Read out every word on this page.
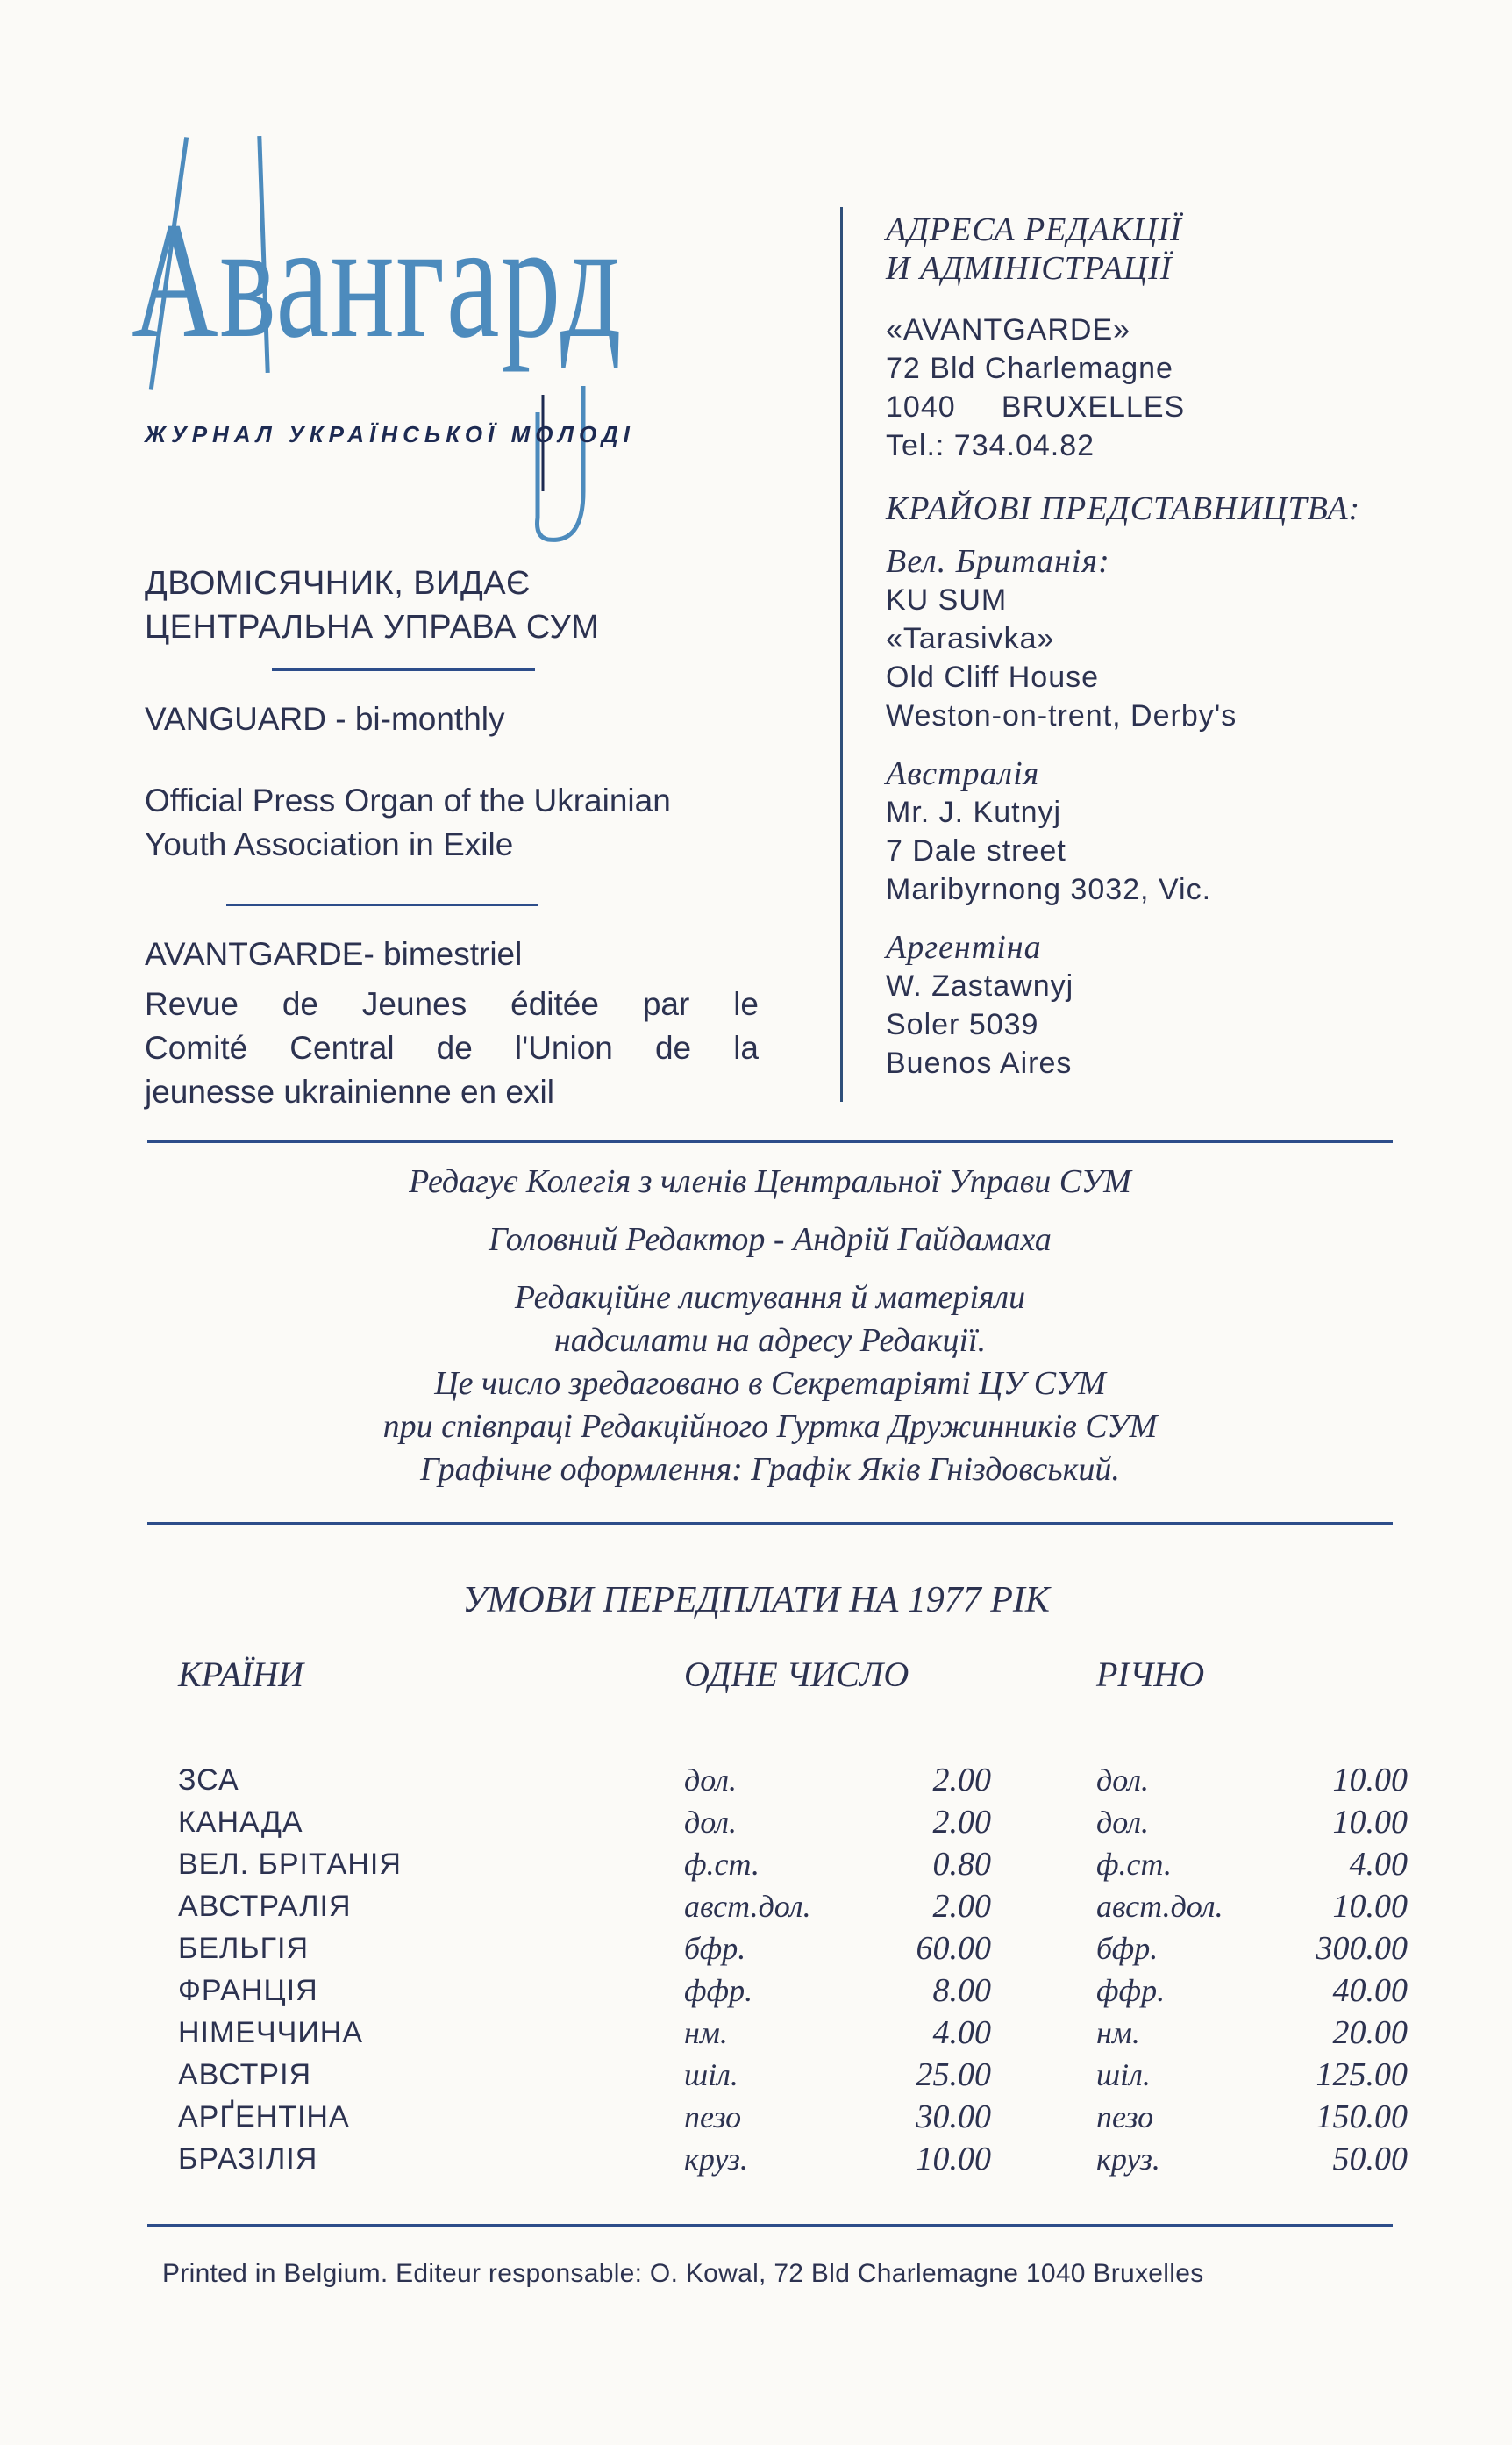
Авангард
ЖУРНАЛ УКРАЇНСЬКОЇ МОЛОДІ
ДВОМІСЯЧНИК, ВИДАЄ
ЦЕНТРАЛЬНА УПРАВА СУМ
VANGUARD - bi-monthly
Official Press Organ of the Ukrainian
Youth Association in Exile
AVANTGARDE- bimestriel
Revue de Jeunes éditée par le
Comité Central de l'Union de la
jeunesse ukrainienne en exil
АДРЕСА РЕДАКЦІЇ
И АДМІНІСТРАЦІЇ
«AVANTGARDE»
72 Bld Charlemagne
1040     BRUXELLES
Tel.: 734.04.82
КРАЙОВІ ПРЕДСТАВНИЦТВА:
Вел. Британія:
KU SUM
«Tarasivka»
Old Cliff House
Weston-on-trent, Derby's
Австралія
Mr. J. Kutnyj
7 Dale street
Maribyrnong 3032, Vic.
Аргентіна
W. Zastawnyj
Soler 5039
Buenos Aires
Редагує Колегія з членів Центральної Управи СУМ
Головний Редактор - Андрій Гайдамаха
Редакційне листування й матеріяли
надсилати на адресу Редакції.
Це число зредаговано в Секретаріяті ЦУ СУМ
при співпраці Редакційного Гуртка Дружинників СУМ
Графічне оформлення: Графік Яків Гніздовський.
УМОВИ ПЕРЕДПЛАТИ НА 1977 РІК
КРАЇНИ	ОДНЕ ЧИСЛО	РІЧНО
ЗСА	дол.	2.00	дол.	10.00
КАНАДА	дол.	2.00	дол.	10.00
ВЕЛ. БРІТАНІЯ	ф.ст.	0.80	ф.ст.	4.00
АВСТРАЛІЯ	авст.дол.	2.00	авст.дол.	10.00
БЕЛЬГІЯ	бфр.	60.00	бфр.	300.00
ФРАНЦІЯ	ффр.	8.00	ффр.	40.00
НІМЕЧЧИНА	нм.	4.00	нм.	20.00
АВСТРІЯ	шіл.	25.00	шіл.	125.00
АРҐЕНТІНА	пезо	30.00	пезо	150.00
БРАЗІЛІЯ	круз.	10.00	круз.	50.00
Printed in Belgium. Editeur responsable: O. Kowal, 72 Bld Charlemagne 1040 Bruxelles
